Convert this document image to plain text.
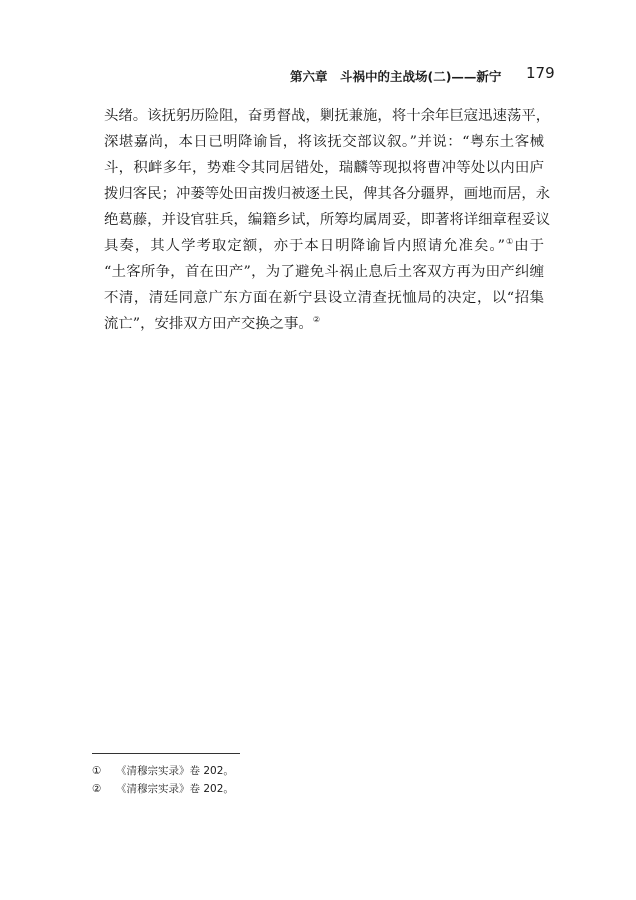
第六章　斗祸中的主战场(二)——新宁 179
头绪。该抚躬历险阻，奋勇督战，剿抚兼施，将十余年巨寇迅速荡平，
深堪嘉尚，本日已明降谕旨，将该抚交部议叙。”并说：“粤东土客械
斗，积衅多年，势难令其同居错处，瑞麟等现拟将曹冲等处以内田庐
拨归客民；冲蒌等处田亩拨归被逐土民，俾其各分疆界，画地而居，永
绝葛藤，并设官驻兵，编籍乡试，所筹均属周妥，即著将详细章程妥议
具奏，其人学考取定额，亦于本日明降谕旨内照请允准矣。”①由于
“土客所争，首在田产”，为了避免斗祸止息后土客双方再为田产纠缠
不清，清廷同意广东方面在新宁县设立清查抚恤局的决定，以“招集
流亡”，安排双方田产交换之事。②
① 《清穆宗实录》卷 202。
② 《清穆宗实录》卷 202。
